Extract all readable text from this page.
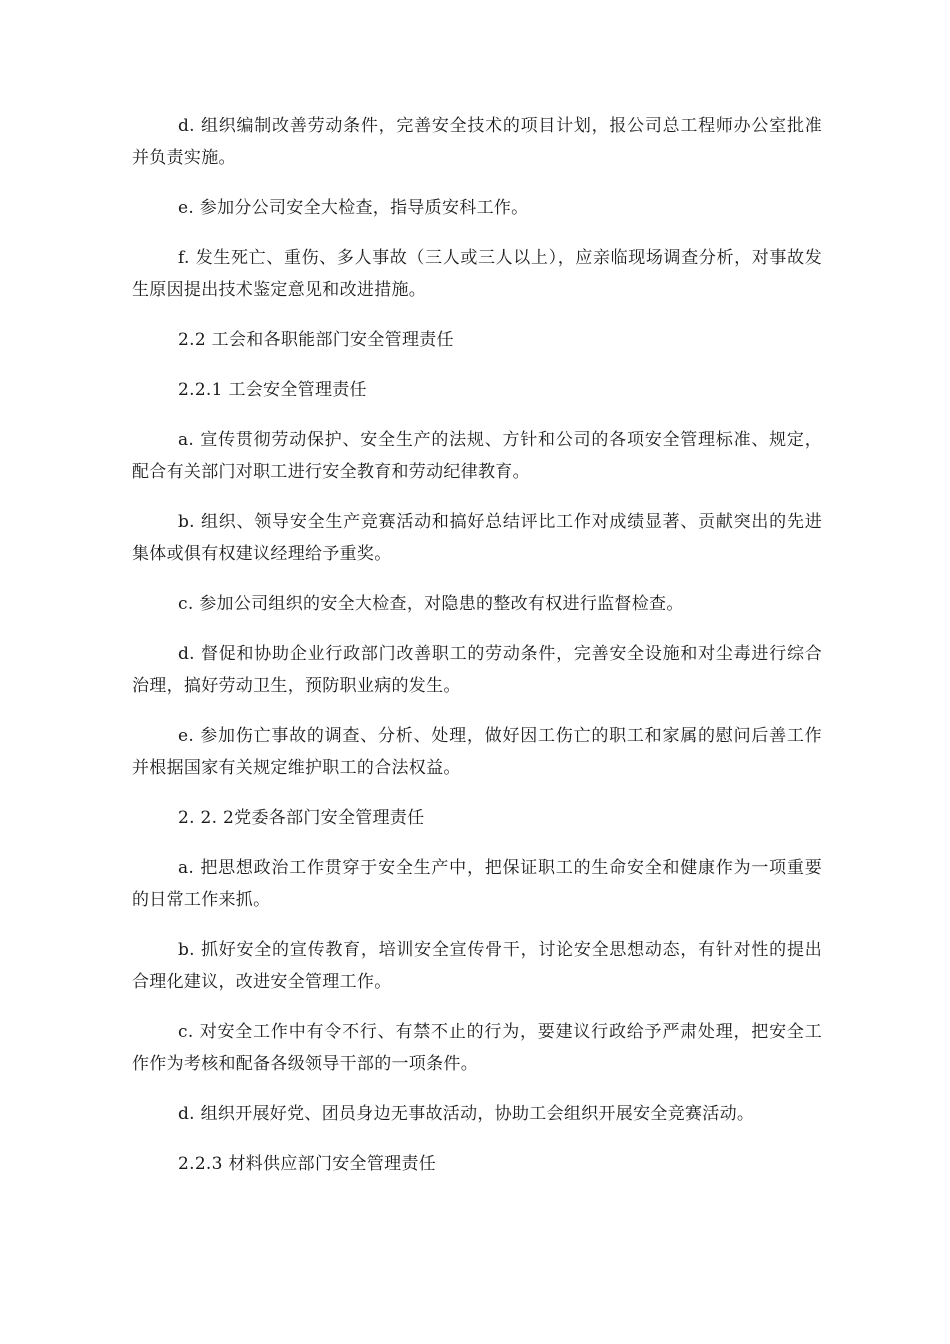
d. 组织编制改善劳动条件，完善安全技术的项目计划，报公司总工程师办公室批准并负责实施。

e. 参加分公司安全大检查，指导质安科工作。

f. 发生死亡、重伤、多人事故（三人或三人以上），应亲临现场调查分析，对事故发生原因提出技术鉴定意见和改进措施。

2.2 工会和各职能部门安全管理责任

2.2.1 工会安全管理责任

a. 宣传贯彻劳动保护、安全生产的法规、方针和公司的各项安全管理标准、规定，配合有关部门对职工进行安全教育和劳动纪律教育。

b. 组织、领导安全生产竞赛活动和搞好总结评比工作对成绩显著、贡献突出的先进集体或俱有权建议经理给予重奖。

c. 参加公司组织的安全大检查，对隐患的整改有权进行监督检查。

d. 督促和协助企业行政部门改善职工的劳动条件，完善安全设施和对尘毒进行综合治理，搞好劳动卫生，预防职业病的发生。

e. 参加伤亡事故的调查、分析、处理，做好因工伤亡的职工和家属的慰问后善工作并根据国家有关规定维护职工的合法权益。

2. 2. 2党委各部门安全管理责任

a. 把思想政治工作贯穿于安全生产中，把保证职工的生命安全和健康作为一项重要的日常工作来抓。

b. 抓好安全的宣传教育，培训安全宣传骨干，讨论安全思想动态，有针对性的提出合理化建议，改进安全管理工作。

c. 对安全工作中有令不行、有禁不止的行为，要建议行政给予严肃处理，把安全工作作为考核和配备各级领导干部的一项条件。

d. 组织开展好党、团员身边无事故活动，协助工会组织开展安全竞赛活动。

2.2.3 材料供应部门安全管理责任
